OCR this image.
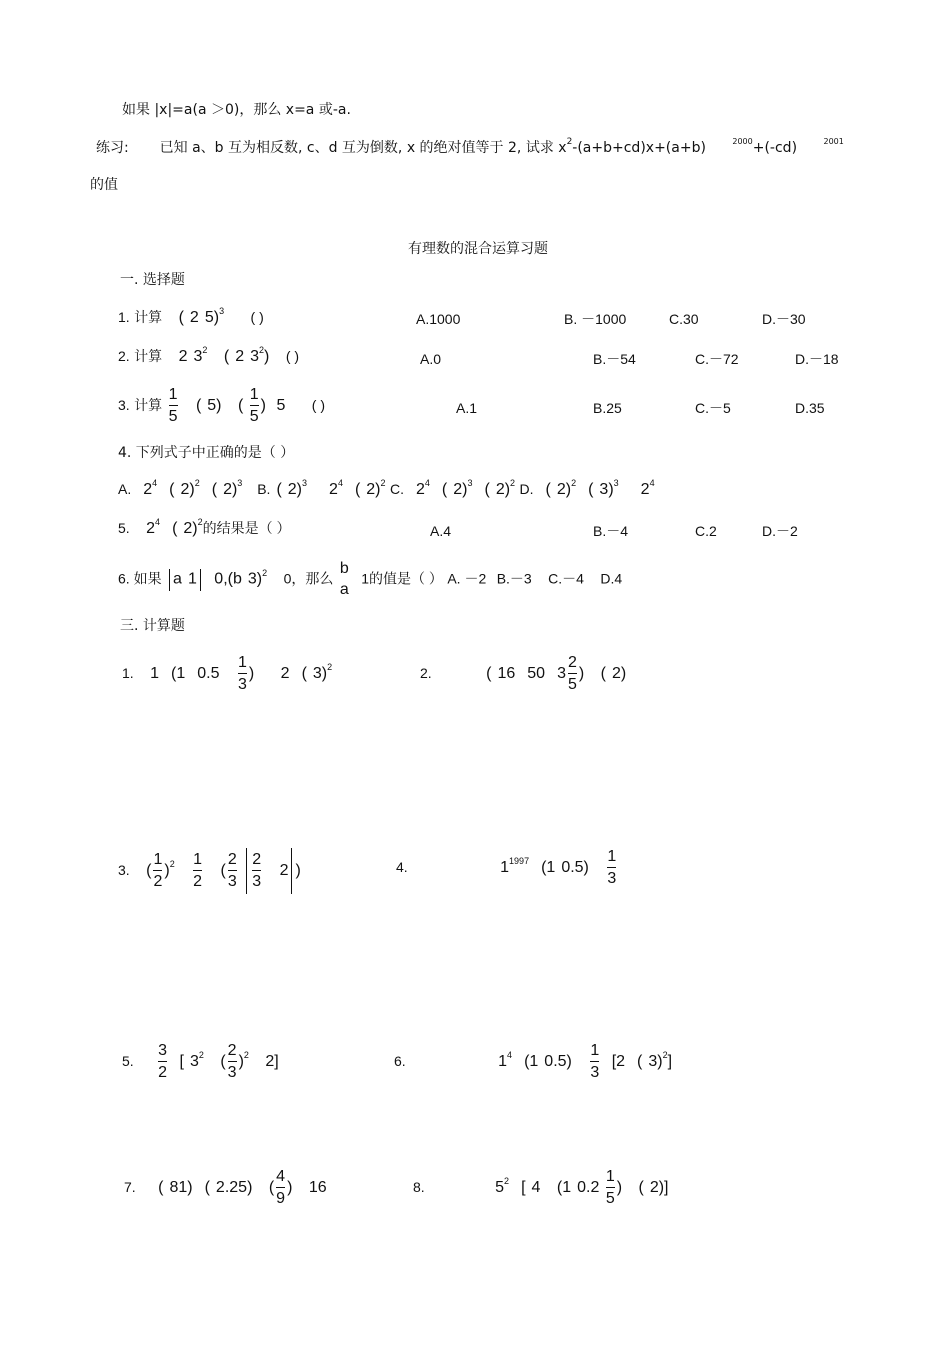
如果 |x|=a(a ＞0)，那么 x=a 或-a.
练习: 已知 a、b 互为相反数, c、d 互为倒数, x 的绝对值等于 2, 试求 $x^2-(a+b+cd)x+(a+b)$	$^{2000}$+(-cd)	$^{2001}$
的值
有理数的混合运算习题
一. 选择题
1. 计算 ( 2 5)$^3$ ( )	A.1000	B. －1000	C.30	D.－30
2. 计算 2 $3^2$ ( 2 $3^2$) ( )	A.0	B.－54	C.－72	D.－18
3. 计算 $\frac{1}{5}$ ( 5) ( $\frac{1}{5}$ ) 5 ( )	A.1	B.25	C.－5	D.35
4. 下列式子中正确的是（ ）
A. $2^4$ ( 2)$^2$ ( 2)$^3$ B. ( 2)$^3$ $2^4$ ( 2)$^2$ C. $2^4$ ( 2)$^3$ ( 2)$^2$ D. ( 2)$^2$ ( 3)$^3$ $2^4$
5. $2^4$ ( 2)$^2$的结果是（ ）	A.4	B.－4	C.2	D.－2
6. 如果 a 1 0,(b 3)$^2$ 0，那么
b
a
1的值是（ ） A. －2 B.－3 C.－4 D.4
三. 计算题
1. 1 (1 $0.5 \frac{1}{3}$ ) 2 ( 3)$^2$	2.	( 16 50 $3 \frac{2}{5}$ ) ( 2)
3. ( $\frac{1}{2} )^2 \frac{1}{2}$ ( $\frac{2}{3}$
$\frac{2}{3} 2$ )	4.	$1^{1997}$ (1 $0.5) \frac{1}{3}$
5. $\frac{3}{2}$ [ $3^2$ ( $\frac{2}{3} )^2$ 2]	6.	$1^4$ (1 $0.5) \frac{1}{3} [2$ ( 3)$^2$]
7. ( 81) ( 2.25) ( $\frac{4}{9}$ ) 16	8.	$5^2$ [ 4 (1 $0.2 \frac{1}{5}$ ) ( 2)]
